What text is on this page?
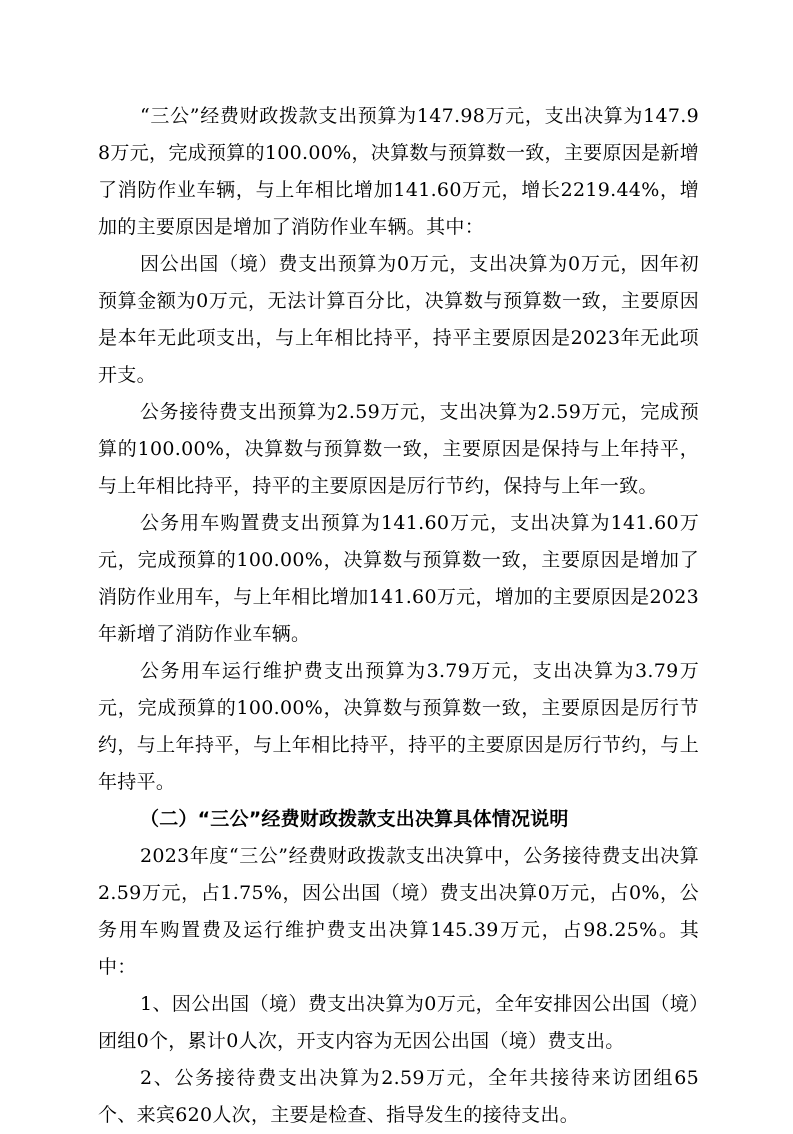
“三公”经费财政拨款支出预算为147.98万元，支出决算为147.98万元，完成预算的100.00%，决算数与预算数一致，主要原因是新增了消防作业车辆，与上年相比增加141.60万元，增长2219.44%，增加的主要原因是增加了消防作业车辆。其中：

因公出国（境）费支出预算为0万元，支出决算为0万元，因年初预算金额为0万元，无法计算百分比，决算数与预算数一致，主要原因是本年无此项支出，与上年相比持平，持平主要原因是2023年无此项开支。

公务接待费支出预算为2.59万元，支出决算为2.59万元，完成预算的100.00%，决算数与预算数一致，主要原因是保持与上年持平，与上年相比持平，持平的主要原因是厉行节约，保持与上年一致。

公务用车购置费支出预算为141.60万元，支出决算为141.60万元，完成预算的100.00%，决算数与预算数一致，主要原因是增加了消防作业用车，与上年相比增加141.60万元，增加的主要原因是2023年新增了消防作业车辆。

公务用车运行维护费支出预算为3.79万元，支出决算为3.79万元，完成预算的100.00%，决算数与预算数一致，主要原因是厉行节约，与上年持平，与上年相比持平，持平的主要原因是厉行节约，与上年持平。

（二）“三公”经费财政拨款支出决算具体情况说明

2023年度“三公”经费财政拨款支出决算中，公务接待费支出决算2.59万元，占1.75%，因公出国（境）费支出决算0万元，占0%，公务用车购置费及运行维护费支出决算145.39万元，占98.25%。其中：

1、因公出国（境）费支出决算为0万元，全年安排因公出国（境）团组0个，累计0人次，开支内容为无因公出国（境）费支出。

2、公务接待费支出决算为2.59万元，全年共接待来访团组65个、来宾620人次，主要是检查、指导发生的接待支出。
